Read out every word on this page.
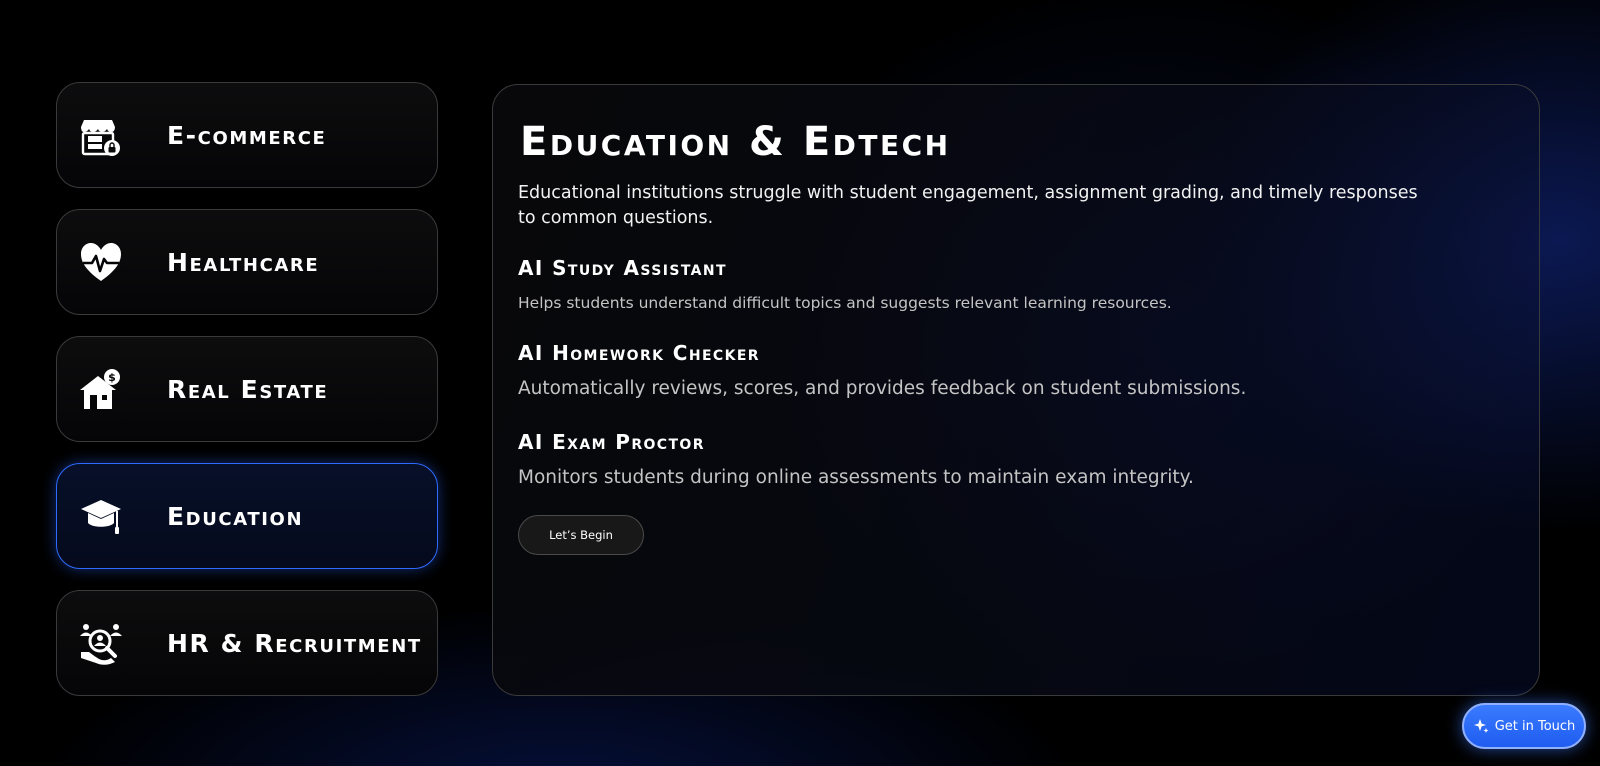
E-commerce
Healthcare
$ Real Estate
Education
HR & Recruitment
Education & Edtech

Educational institutions struggle with student engagement, assignment grading, and timely responses to common questions.

AI Study Assistant

Helps students understand difficult topics and suggests relevant learning resources.

AI Homework Checker

Automatically reviews, scores, and provides feedback on student submissions.

AI Exam Proctor

Monitors students during online assessments to maintain exam integrity.

Let’s Begin
Get in Touch
